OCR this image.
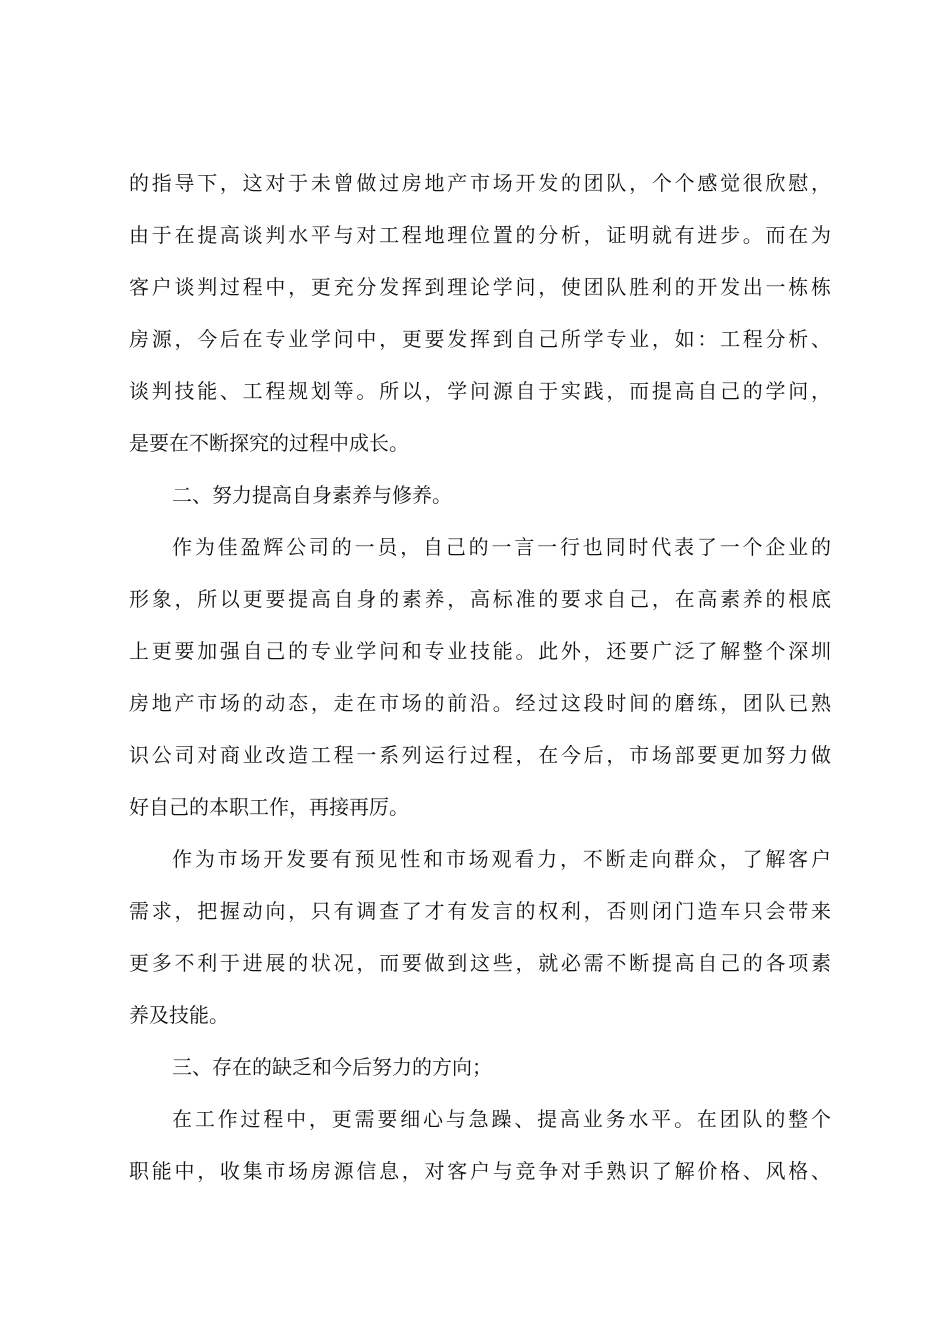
的指导下，这对于未曾做过房地产市场开发的团队，个个感觉很欣慰，
由于在提高谈判水平与对工程地理位置的分析，证明就有进步。而在为
客户谈判过程中，更充分发挥到理论学问，使团队胜利的开发出一栋栋
房源，今后在专业学问中，更要发挥到自己所学专业，如：工程分析、
谈判技能、工程规划等。所以，学问源自于实践，而提高自己的学问，
是要在不断探究的过程中成长。
二、努力提高自身素养与修养。
作为佳盈辉公司的一员，自己的一言一行也同时代表了一个企业的
形象，所以更要提高自身的素养，高标准的要求自己，在高素养的根底
上更要加强自己的专业学问和专业技能。此外，还要广泛了解整个深圳
房地产市场的动态，走在市场的前沿。经过这段时间的磨练，团队已熟
识公司对商业改造工程一系列运行过程，在今后，市场部要更加努力做
好自己的本职工作，再接再厉。
作为市场开发要有预见性和市场观看力，不断走向群众，了解客户
需求，把握动向，只有调查了才有发言的权利，否则闭门造车只会带来
更多不利于进展的状况，而要做到这些，就必需不断提高自己的各项素
养及技能。
三、存在的缺乏和今后努力的方向；
在工作过程中，更需要细心与急躁、提高业务水平。在团队的整个
职能中，收集市场房源信息，对客户与竞争对手熟识了解价格、风格、
